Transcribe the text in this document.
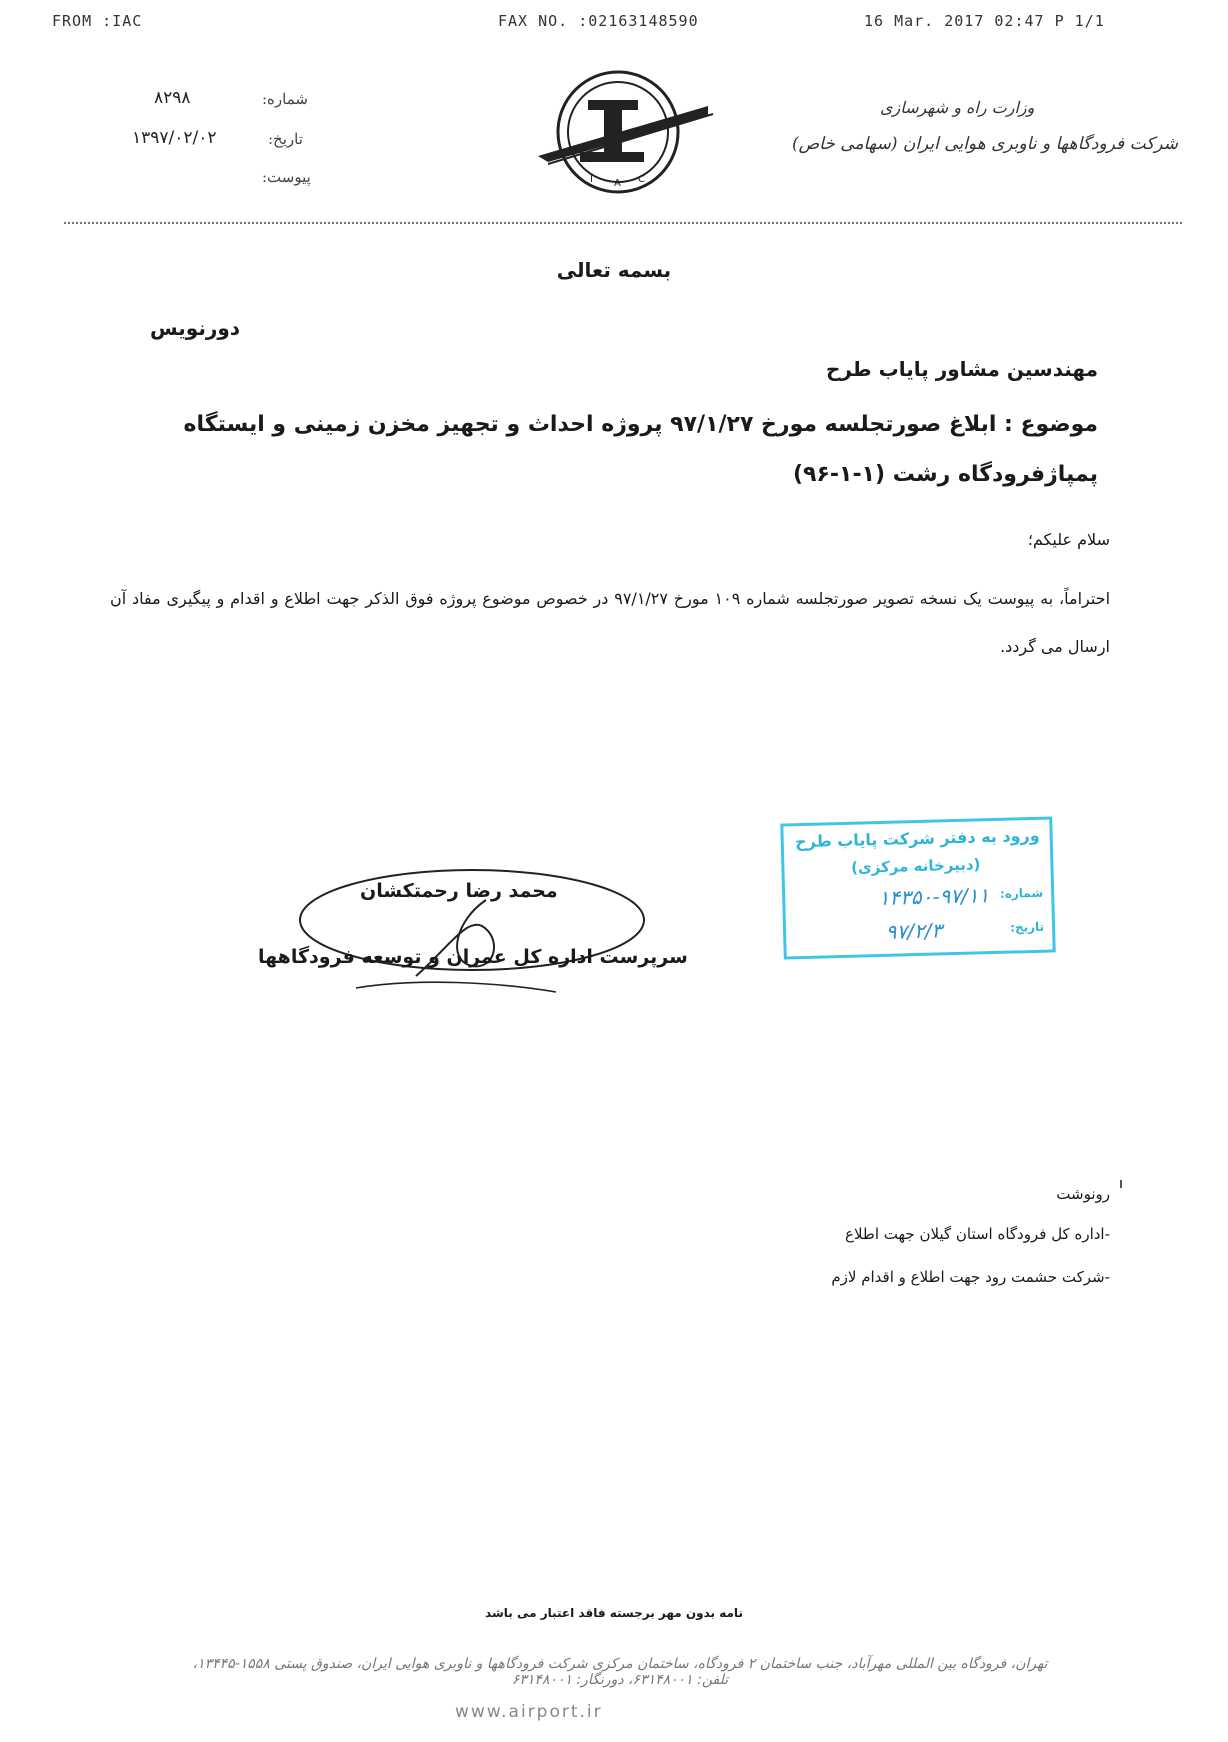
FROM :IAC	FAX NO. :02163148590	16 Mar. 2017 02:47 P 1/1
۸۲۹۸	شماره:
۱۳۹۷/۰۲/۰۲	تاریخ:
پیوست:	I A C
وزارت راه و شهرسازی
شرکت فرودگاهها و ناوبری هوایی ایران (سهامی خاص)
بسمه تعالی
دورنویس
مهندسین مشاور پایاب طرح
موضوع : ابلاغ صورتجلسه مورخ ۹۷/۱/۲۷ پروژه احداث و تجهیز مخزن زمینی و ایستگاه پمپاژفرودگاه رشت (۱-۱-۹۶)
سلام علیکم؛
احتراماً، به پیوست یک نسخه تصویر صورتجلسه شماره ۱۰۹ مورخ ۹۷/۱/۲۷ در خصوص موضوع پروژه فوق الذکر جهت اطلاع و اقدام و پیگیری مفاد آن ارسال می گردد.
ورود به دفتر شرکت پایاب طرح
(دبیرخانه مرکزی)
شماره:
۱۴۳۵۰-۹۷/۱۱
تاریخ:
۹۷/۲/۳
محمد رضا رحمتکشان
سرپرست اداره کل عمران و توسعه فرودگاهها
رونوشت
-اداره کل فرودگاه استان گیلان جهت اطلاع
-شرکت حشمت رود جهت اطلاع و اقدام لازم
نامه بدون مهر برجسته فاقد اعتبار می باشد
تهران، فرودگاه بین المللی مهرآباد، جنب ساختمان ۲ فرودگاه، ساختمان مرکزی شرکت فرودگاهها و ناوبری هوایی ایران، صندوق پستی ۱۵۵۸-۱۳۴۴۵، تلفن: ۶۳۱۴۸۰۰۱، دورنگار: ۶۳۱۴۸۰۰۱
www.airport.ir
